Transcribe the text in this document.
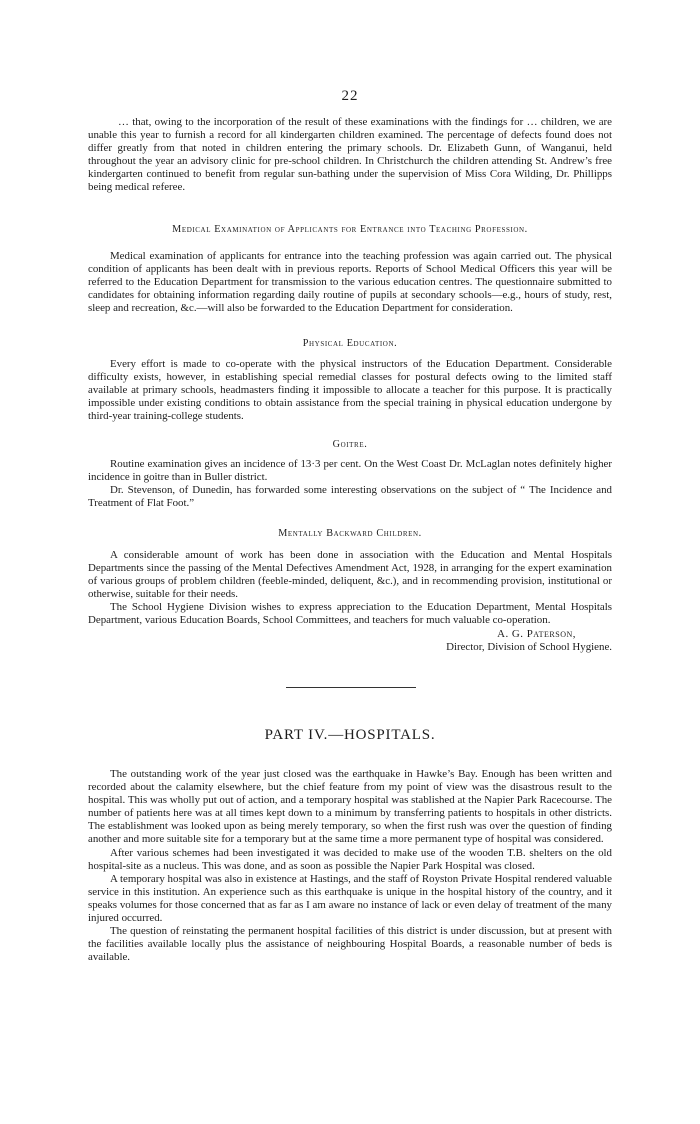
22

… that, owing to the incorporation of the result of these examinations with the findings for … children, we are unable this year to furnish a record for all kindergarten children examined. The percentage of defects found does not differ greatly from that noted in children entering the primary schools. Dr. Elizabeth Gunn, of Wanganui, held throughout the year an advisory clinic for pre-school children. In Christchurch the children attending St. Andrew’s free kindergarten continued to benefit from regular sun-bathing under the supervision of Miss Cora Wilding, Dr. Phillipps being medical referee.

Medical Examination of Applicants for Entrance into Teaching Profession.

Medical examination of applicants for entrance into the teaching profession was again carried out. The physical condition of applicants has been dealt with in previous reports. Reports of School Medical Officers this year will be referred to the Education Department for transmission to the various education centres. The questionnaire submitted to candidates for obtaining information regarding daily routine of pupils at secondary schools—e.g., hours of study, rest, sleep and recreation, &c.—will also be forwarded to the Education Department for consideration.

Physical Education.

Every effort is made to co-operate with the physical instructors of the Education Department. Considerable difficulty exists, however, in establishing special remedial classes for postural defects owing to the limited staff available at primary schools, headmasters finding it impossible to allocate a teacher for this purpose. It is practically impossible under existing conditions to obtain assistance from the special training in physical education undergone by third-year training-college students.

Goitre.

Routine examination gives an incidence of 13·3 per cent. On the West Coast Dr. McLaglan notes definitely higher incidence in goitre than in Buller district.

Dr. Stevenson, of Dunedin, has forwarded some interesting observations on the subject of “ The Incidence and Treatment of Flat Foot.”

Mentally Backward Children.

A considerable amount of work has been done in association with the Education and Mental Hospitals Departments since the passing of the Mental Defectives Amendment Act, 1928, in arranging for the expert examination of various groups of problem children (feeble-minded, deliquent, &c.), and in recommending provision, institutional or otherwise, suitable for their needs.

The School Hygiene Division wishes to express appreciation to the Education Department, Mental Hospitals Department, various Education Boards, School Committees, and teachers for much valuable co-operation.

A. G. Paterson,
Director, Division of School Hygiene.
PART IV.—HOSPITALS.

The outstanding work of the year just closed was the earthquake in Hawke’s Bay. Enough has been written and recorded about the calamity elsewhere, but the chief feature from my point of view was the disastrous result to the hospital. This was wholly put out of action, and a temporary hospital was stablished at the Napier Park Racecourse. The number of patients here was at all times kept down to a minimum by transferring patients to hospitals in other districts. The establishment was looked upon as being merely temporary, so when the first rush was over the question of finding another and more suitable site for a temporary but at the same time a more permanent type of hospital was considered.

After various schemes had been investigated it was decided to make use of the wooden T.B. shelters on the old hospital-site as a nucleus. This was done, and as soon as possible the Napier Park Hospital was closed.

A temporary hospital was also in existence at Hastings, and the staff of Royston Private Hospital rendered valuable service in this institution. An experience such as this earthquake is unique in the hospital history of the country, and it speaks volumes for those concerned that as far as I am aware no instance of lack or even delay of treatment of the many injured occurred.

The question of reinstating the permanent hospital facilities of this district is under discussion, but at present with the facilities available locally plus the assistance of neighbouring Hospital Boards, a reasonable number of beds is available.
